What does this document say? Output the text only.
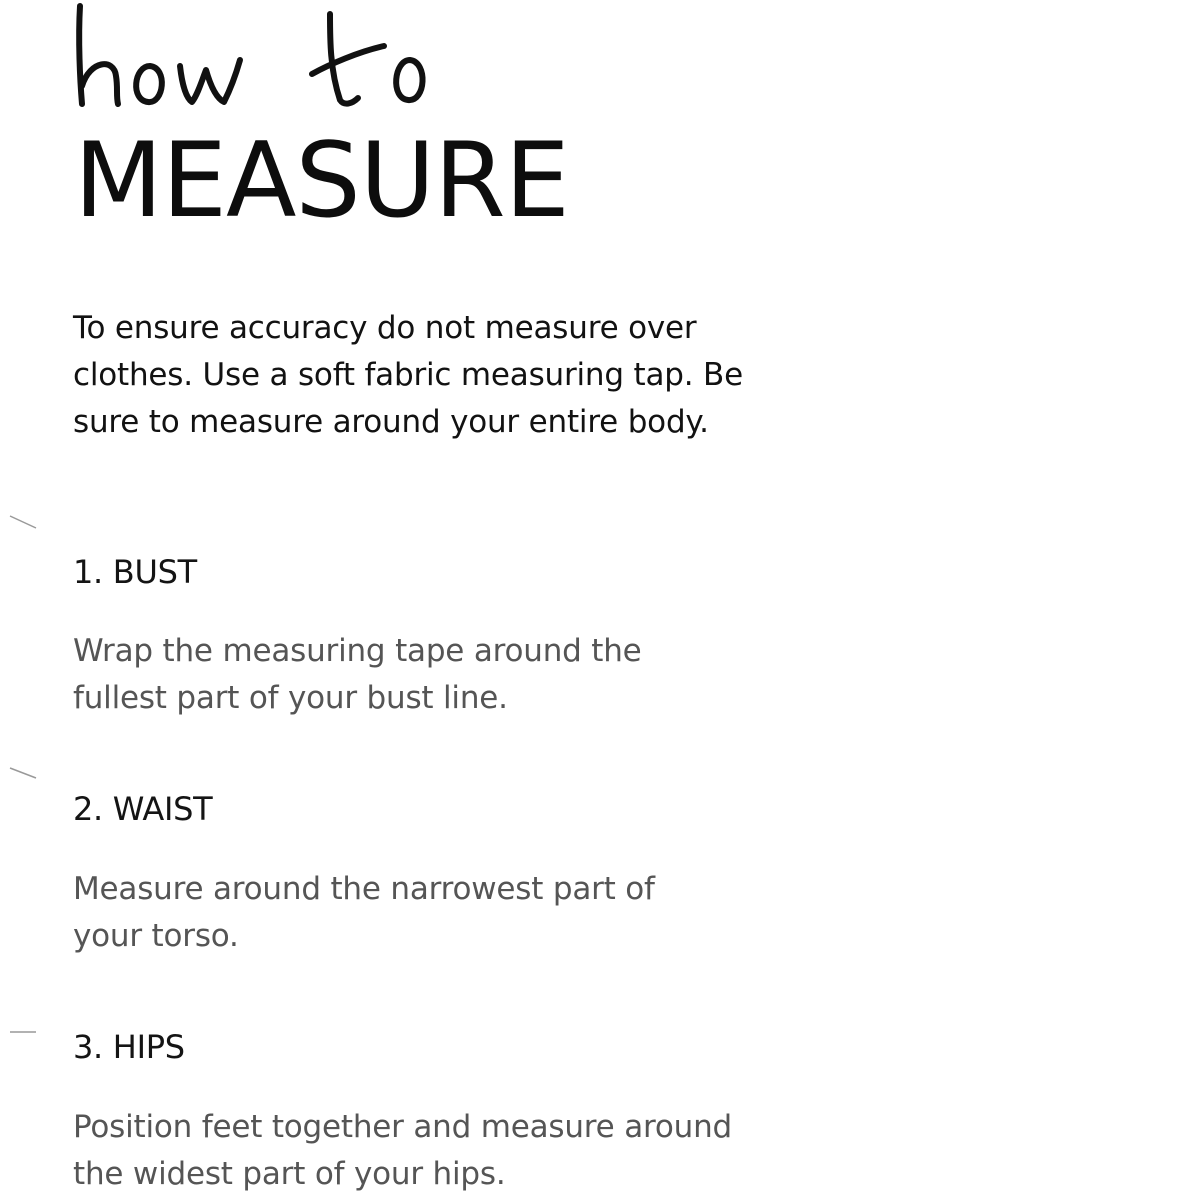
MEASURE

To ensure accuracy do not measure over clothes. Use a soft fabric measuring tap. Be sure to measure around your entire body.

1. BUST

Wrap the measuring tape around the fullest part of your bust line.

2. WAIST

Measure around the narrowest part of your torso.

3. HIPS

Position feet together and measure around the widest part of your hips.
